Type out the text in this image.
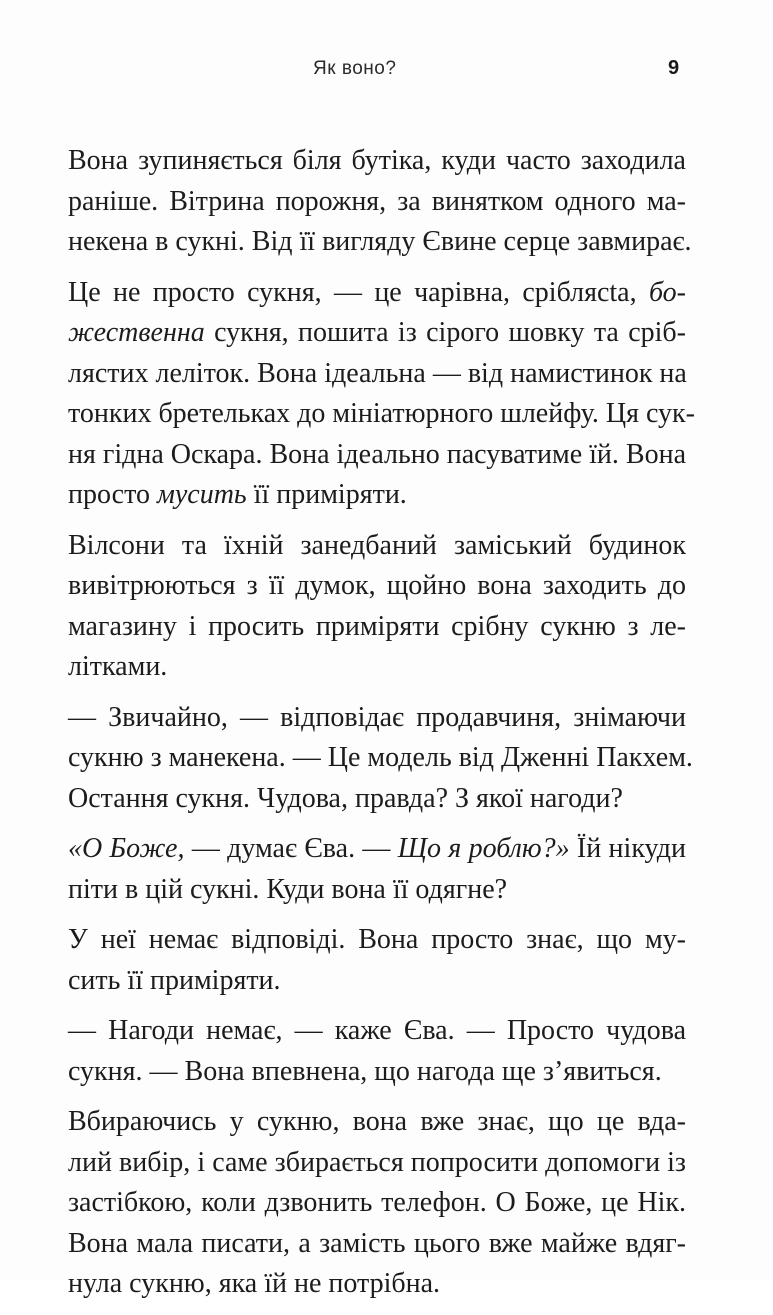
Як воно?	9
Вона зупиняється біля бутіка, куди часто заходила
раніше. Вітрина порожня, за винятком одного ма-
некена в сукні. Від її вигляду Євине серце завмирає.
Це не просто сукня, — це чарівна, сріблясta, бо-
жественна сукня, пошита із сірого шовку та сріб-
лястих лелiток. Вона ідеальна — від намистинок на
тонких бретельках до мініатюрного шлейфу. Ця сук-
ня гідна Оскара. Вона ідеально пасуватиме їй. Вона
просто мусить її приміряти.
Вілсони та їхній занедбаний заміський будинок
вивітрюються з її думок, щойно вона заходить до
магазину і просить приміряти срібну сукню з ле-
лiтками.
— Звичайно, — відповідає продавчиня, знімаючи
сукню з манекена. — Це модель від Дженні Пакхем.
Остання сукня. Чудова, правда? З якої нагоди?
«О Боже, — думає Єва. — Що я роблю?» Їй нікуди
піти в цій сукні. Куди вона її одягне?
У неї немає відповіді. Вона просто знає, що му-
сить її приміряти.
— Нагоди немає, — каже Єва. — Просто чудова
сукня. — Вона впевнена, що нагода ще з’явиться.
Вбираючись у сукню, вона вже знає, що це вда-
лий вибір, і саме збирається попросити допомоги із
застібкою, коли дзвонить телефон. О Боже, це Нік.
Вона мала писати, а замість цього вже майже вдяг-
нула сукню, яка їй не потрібна.
